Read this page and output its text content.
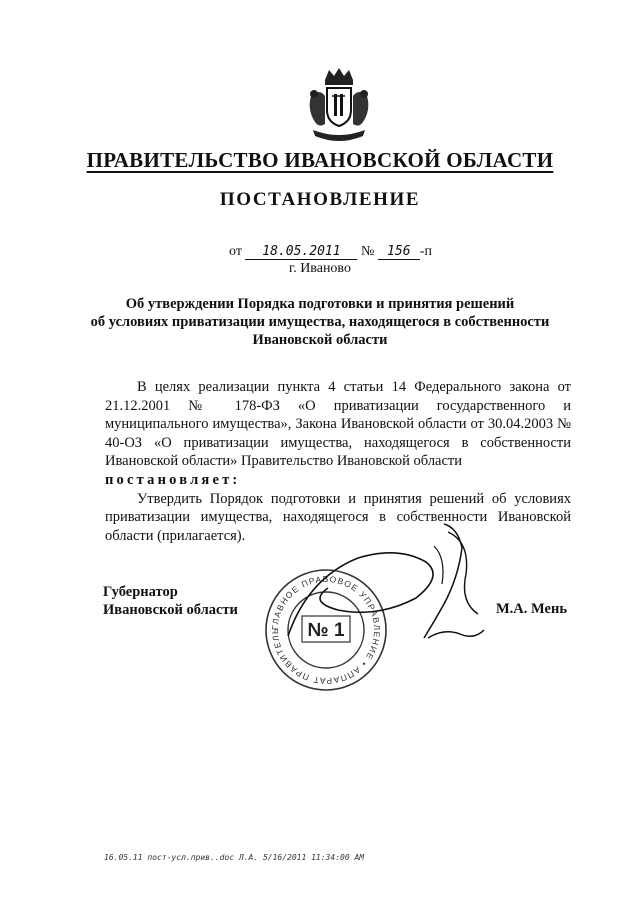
ПРАВИТЕЛЬСТВО ИВАНОВСКОЙ ОБЛАСТИ
ПОСТАНОВЛЕНИЕ
от 18.05.2011 № 156 -п
г. Иваново
Об утверждении Порядка подготовки и принятия решений
об условиях приватизации имущества, находящегося в собственности
Ивановской области

В целях реализации пункта 4 статьи 14 Федерального закона от 21.12.2001 № 178-ФЗ «О приватизации государственного и муниципального имущества», Закона Ивановской области от 30.04.2003 № 40-ОЗ «О приватизации имущества, находящегося в собственности Ивановской области» Правительство Ивановской области

постановляет:

Утвердить Порядок подготовки и принятия решений об условиях приватизации имущества, находящегося в собственности Ивановской области (прилагается).

Губернатор
Ивановской области
ГЛАВНОЕ ПРАВОВОЕ УПРАВЛЕНИЕ • АППАРАТ ПРАВИТЕЛЬ	№ 1
М.А. Мень
16.05.11 пост-усл.прив..doc Л.А. 5/16/2011 11:34:00 AM
